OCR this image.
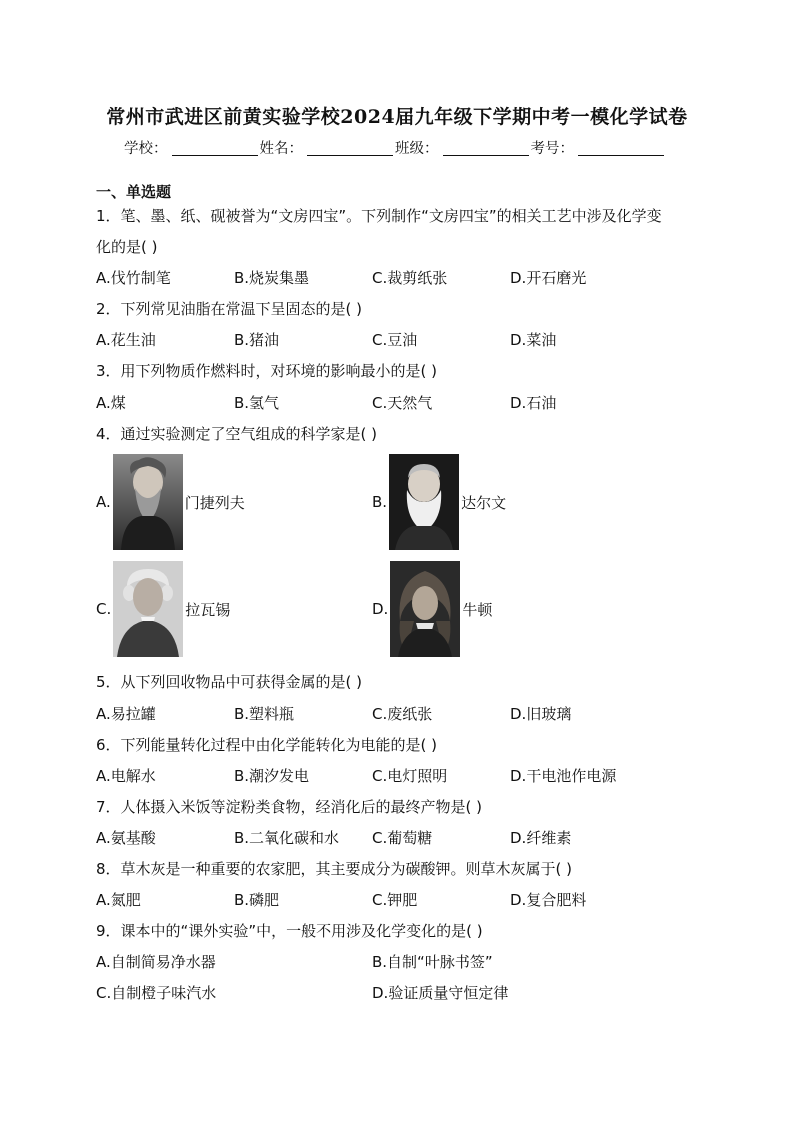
常州市武进区前黄实验学校2024届九年级下学期中考一模化学试卷
学校：	姓名：	班级：	考号：
一、单选题
1．笔、墨、纸、砚被誉为“文房四宝”。下列制作“文房四宝”的相关工艺中涉及化学变
化的是( )
A.伐竹制笔	B.烧炭集墨	C.裁剪纸张	D.开石磨光
2．下列常见油脂在常温下呈固态的是( )
A.花生油	B.猪油	C.豆油	D.菜油
3．用下列物质作燃料时，对环境的影响最小的是( )
A.煤	B.氢气	C.天然气	D.石油
4．通过实验测定了空气组成的科学家是( )
A.	门捷列夫	B.	达尔文
C.	拉瓦锡	D.	牛顿
5．从下列回收物品中可获得金属的是( )
A.易拉罐	B.塑料瓶	C.废纸张	D.旧玻璃
6．下列能量转化过程中由化学能转化为电能的是( )
A.电解水	B.潮汐发电	C.电灯照明	D.干电池作电源
7．人体摄入米饭等淀粉类食物，经消化后的最终产物是( )
A.氨基酸	B.二氧化碳和水 C.葡萄糖	D.纤维素
8．草木灰是一种重要的农家肥，其主要成分为碳酸钾。则草木灰属于( )
A.氮肥	B.磷肥	C.钾肥	D.复合肥料
9．课本中的“课外实验”中，一般不用涉及化学变化的是( )
A.自制简易净水器	B.自制“叶脉书签”
C.自制橙子味汽水	D.验证质量守恒定律
